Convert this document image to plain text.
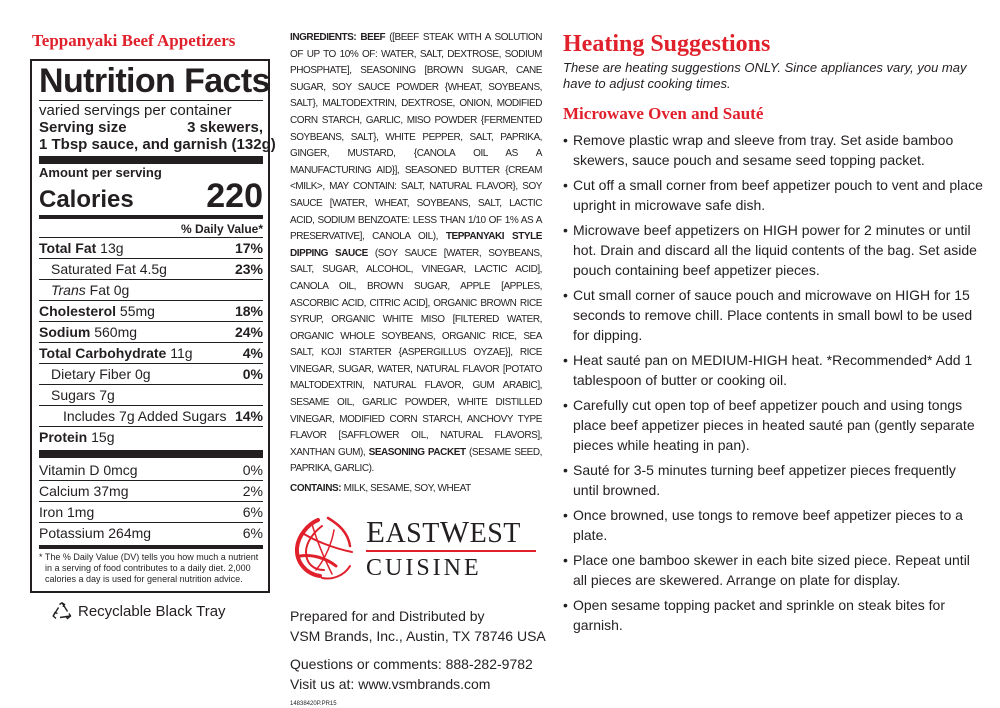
Teppanyaki Beef Appetizers
Nutrition Facts
varied servings per container
Serving size	3 skewers,
1 Tbsp sauce, and garnish (132g)
Amount per serving
Calories 220
% Daily Value*
Total Fat 13g	17%
Saturated Fat 4.5g	23%
Trans Fat 0g
Cholesterol 55mg	18%
Sodium 560mg	24%
Total Carbohydrate 11g	4%
Dietary Fiber 0g	0%
Sugars 7g
Includes 7g Added Sugars 14%
Protein 15g
Vitamin D 0mcg	0%
Calcium 37mg	2%
Iron 1mg	6%
Potassium 264mg	6%
* The % Daily Value (DV) tells you how much a nutrient in a serving of food contributes to a daily diet. 2,000 calories a day is used for general nutrition advice.
Recyclable Black Tray
INGREDIENTS: BEEF ([BEEF STEAK WITH A SOLUTION OF UP TO 10% OF: WATER, SALT, DEXTROSE, SODIUM PHOSPHATE], SEASONING [BROWN SUGAR, CANE SUGAR, SOY SAUCE POWDER {WHEAT, SOYBEANS, SALT}, MALTODEXTRIN, DEXTROSE, ONION, MODIFIED CORN STARCH, GARLIC, MISO POWDER {FERMENTED SOYBEANS, SALT}, WHITE PEPPER, SALT, PAPRIKA, GINGER, MUSTARD, {CANOLA OIL AS A MANUFACTURING AID}], SEASONED BUTTER {CREAM <MILK>, MAY CONTAIN: SALT, NATURAL FLAVOR}, SOY SAUCE [WATER, WHEAT, SOYBEANS, SALT, LACTIC ACID, SODIUM BENZOATE: LESS THAN 1/10 OF 1% AS A PRESERVATIVE], CANOLA OIL), TEPPANYAKI STYLE DIPPING SAUCE (SOY SAUCE [WATER, SOYBEANS, SALT, SUGAR, ALCOHOL, VINEGAR, LACTIC ACID], CANOLA OIL, BROWN SUGAR, APPLE [APPLES, ASCORBIC ACID, CITRIC ACID], ORGANIC BROWN RICE SYRUP, ORGANIC WHITE MISO [FILTERED WATER, ORGANIC WHOLE SOYBEANS, ORGANIC RICE, SEA SALT, KOJI STARTER {ASPERGILLUS OYZAE}], RICE VINEGAR, SUGAR, WATER, NATURAL FLAVOR [POTATO MALTODEXTRIN, NATURAL FLAVOR, GUM ARABIC], SESAME OIL, GARLIC POWDER, WHITE DISTILLED VINEGAR, MODIFIED CORN STARCH, ANCHOVY TYPE FLAVOR [SAFFLOWER OIL, NATURAL FLAVORS], XANTHAN GUM), SEASONING PACKET (SESAME SEED, PAPRIKA, GARLIC).
CONTAINS: MILK, SESAME, SOY, WHEAT
EASTWEST
CUISINE
Prepared for and Distributed by
VSM Brands, Inc., Austin, TX 78746 USA
Questions or comments: 888-282-9782
Visit us at: www.vsmbrands.com
14838420P.PR15
Heating Suggestions
These are heating suggestions ONLY. Since appliances vary, you may have to adjust cooking times.
Microwave Oven and Sauté
• Remove plastic wrap and sleeve from tray. Set aside bamboo skewers, sauce pouch and sesame seed topping packet.
• Cut off a small corner from beef appetizer pouch to vent and place upright in microwave safe dish.
• Microwave beef appetizers on HIGH power for 2 minutes or until hot. Drain and discard all the liquid contents of the bag. Set aside pouch containing beef appetizer pieces.
• Cut small corner of sauce pouch and microwave on HIGH for 15 seconds to remove chill. Place contents in small bowl to be used for dipping.
• Heat sauté pan on MEDIUM-HIGH heat. *Recommended* Add 1 tablespoon of butter or cooking oil.
• Carefully cut open top of beef appetizer pouch and using tongs place beef appetizer pieces in heated sauté pan (gently separate pieces while heating in pan).
• Sauté for 3-5 minutes turning beef appetizer pieces frequently until browned.
• Once browned, use tongs to remove beef appetizer pieces to a plate.
• Place one bamboo skewer in each bite sized piece. Repeat until all pieces are skewered. Arrange on plate for display.
• Open sesame topping packet and sprinkle on steak bites for garnish.
